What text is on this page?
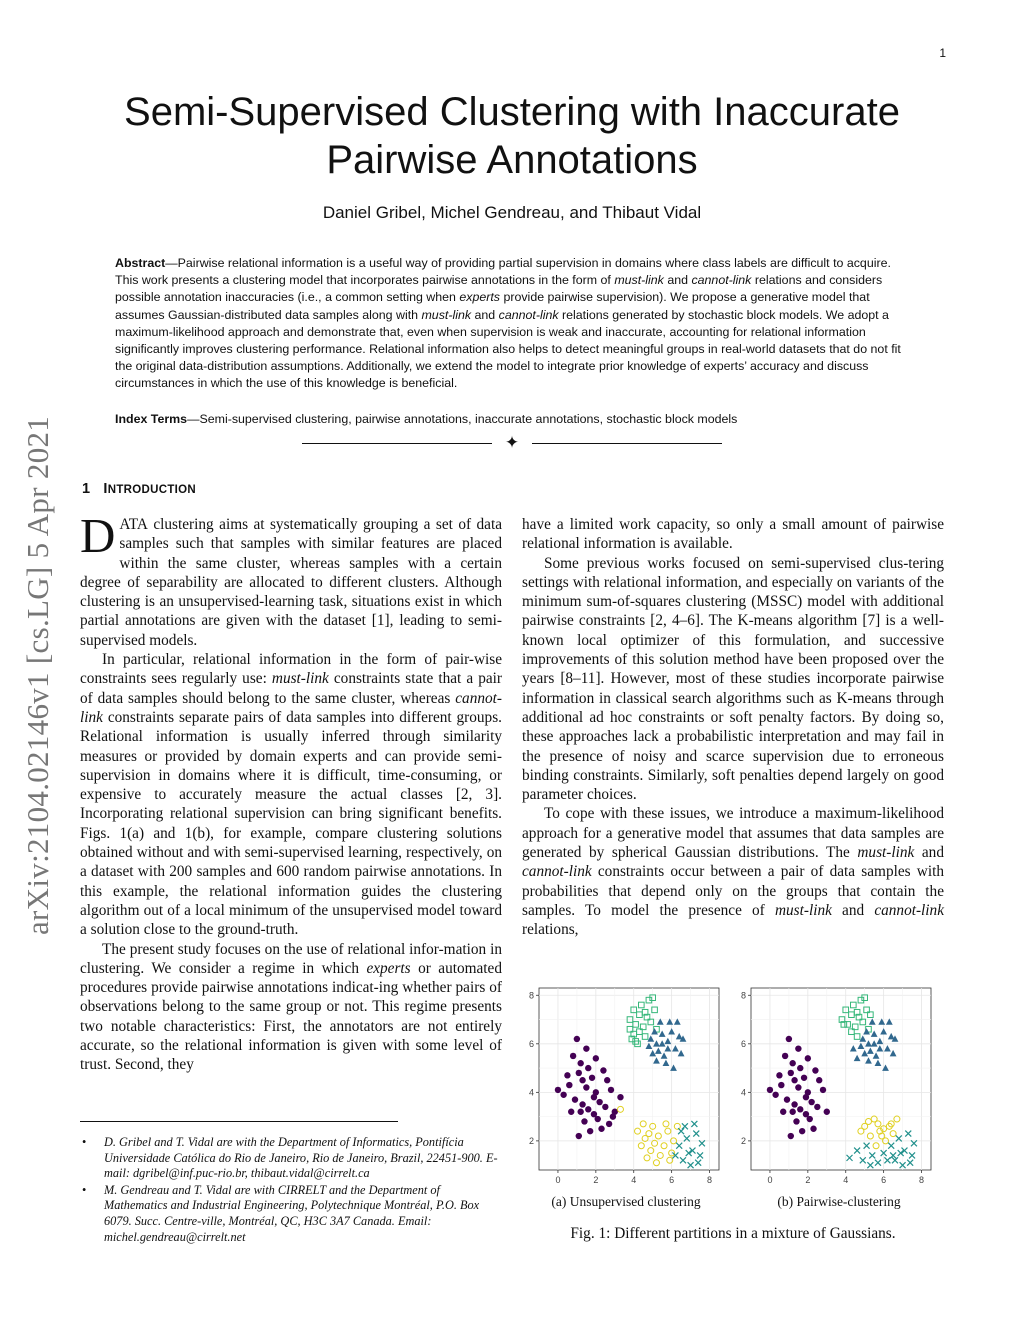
1
Semi-Supervised Clustering with Inaccurate
Pairwise Annotations
Daniel Gribel, Michel Gendreau, and Thibaut Vidal
Abstract—Pairwise relational information is a useful way of providing partial supervision in domains where class labels are difficult to acquire. This work presents a clustering model that incorporates pairwise annotations in the form of must-link and cannot-link relations and considers possible annotation inaccuracies (i.e., a common setting when experts provide pairwise supervision). We propose a generative model that assumes Gaussian-distributed data samples along with must-link and cannot-link relations generated by stochastic block models. We adopt a maximum-likelihood approach and demonstrate that, even when supervision is weak and inaccurate, accounting for relational information significantly improves clustering performance. Relational information also helps to detect meaningful groups in real-world datasets that do not fit the original data-distribution assumptions. Additionally, we extend the model to integrate prior knowledge of experts’ accuracy and discuss circumstances in which the use of this knowledge is beneficial.
Index Terms—Semi-supervised clustering, pairwise annotations, inaccurate annotations, stochastic block models
✦
arXiv:2104.02146v1 [cs.LG] 5 Apr 2021 1 INTRODUCTION

DATA clustering aims at systematically grouping a set of data samples such that samples with similar features are placed within the same cluster, whereas samples with a certain degree of separability are allocated to different clusters. Although clustering is an unsupervised-learning task, situations exist in which partial annotations are given with the dataset [1], leading to semi-supervised models.

In particular, relational information in the form of pair-wise constraints sees regularly use: must-link constraints state that a pair of data samples should belong to the same cluster, whereas cannot-link constraints separate pairs of data samples into different groups. Relational information is usually inferred through similarity measures or provided by domain experts and can provide semi-supervision in domains where it is difficult, time-consuming, or expensive to accurately measure the actual classes [2, 3]. Incorporating relational supervision can bring significant benefits. Figs. 1(a) and 1(b), for example, compare clustering solutions obtained without and with semi-supervised learning, respectively, on a dataset with 200 samples and 600 random pairwise annotations. In this example, the relational information guides the clustering algorithm out of a local minimum of the unsupervised model toward a solution close to the ground-truth.

The present study focuses on the use of relational infor-mation in clustering. We consider a regime in which experts or automated procedures provide pairwise annotations indicat-ing whether pairs of observations belong to the same group or not. This regime presents two notable characteristics: First, the annotators are not entirely accurate, so the relational information is given with some level of trust. Second, they

have a limited work capacity, so only a small amount of pairwise relational information is available.

Some previous works focused on semi-supervised clus-tering settings with relational information, and especially on variants of the minimum sum-of-squares clustering (MSSC) model with additional pairwise constraints [2, 4–6]. The K-means algorithm [7] is a well-known local optimizer of this formulation, and successive improvements of this solution method have been proposed over the years [8–11]. However, most of these studies incorporate pairwise information in classical search algorithms such as K-means through additional ad hoc constraints or soft penalty factors. By doing so, these approaches lack a probabilistic interpretation and may fail in the presence of noisy and scarce supervision due to erroneous binding constraints. Similarly, soft penalties depend largely on good parameter choices.

To cope with these issues, we introduce a maximum-likelihood approach for a generative model that assumes that data samples are generated by spherical Gaussian distributions. The must-link and cannot-link constraints occur between a pair of data samples with probabilities that depend only on the groups that contain the samples. To model the presence of must-link and cannot-link relations,

• D. Gribel and T. Vidal are with the Department of Informatics, Pontifícia Universidade Católica do Rio de Janeiro, Rio de Janeiro, Brazil, 22451-900. E-mail: dgribel@inf.puc-rio.br, thibaut.vidal@cirrelt.ca
• M. Gendreau and T. Vidal are with CIRRELT and the Department of Mathematics and Industrial Engineering, Polytechnique Montréal, P.O. Box 6079. Succ. Centre-ville, Montréal, QC, H3C 3A7 Canada. Email: michel.gendreau@cirrelt.net
0	2	4	6	8
2
4
6
8
0	2	4	6	8
2
4
6
8
(a) Unsupervised clustering	(b) Pairwise-clustering
Fig. 1: Different partitions in a mixture of Gaussians.
